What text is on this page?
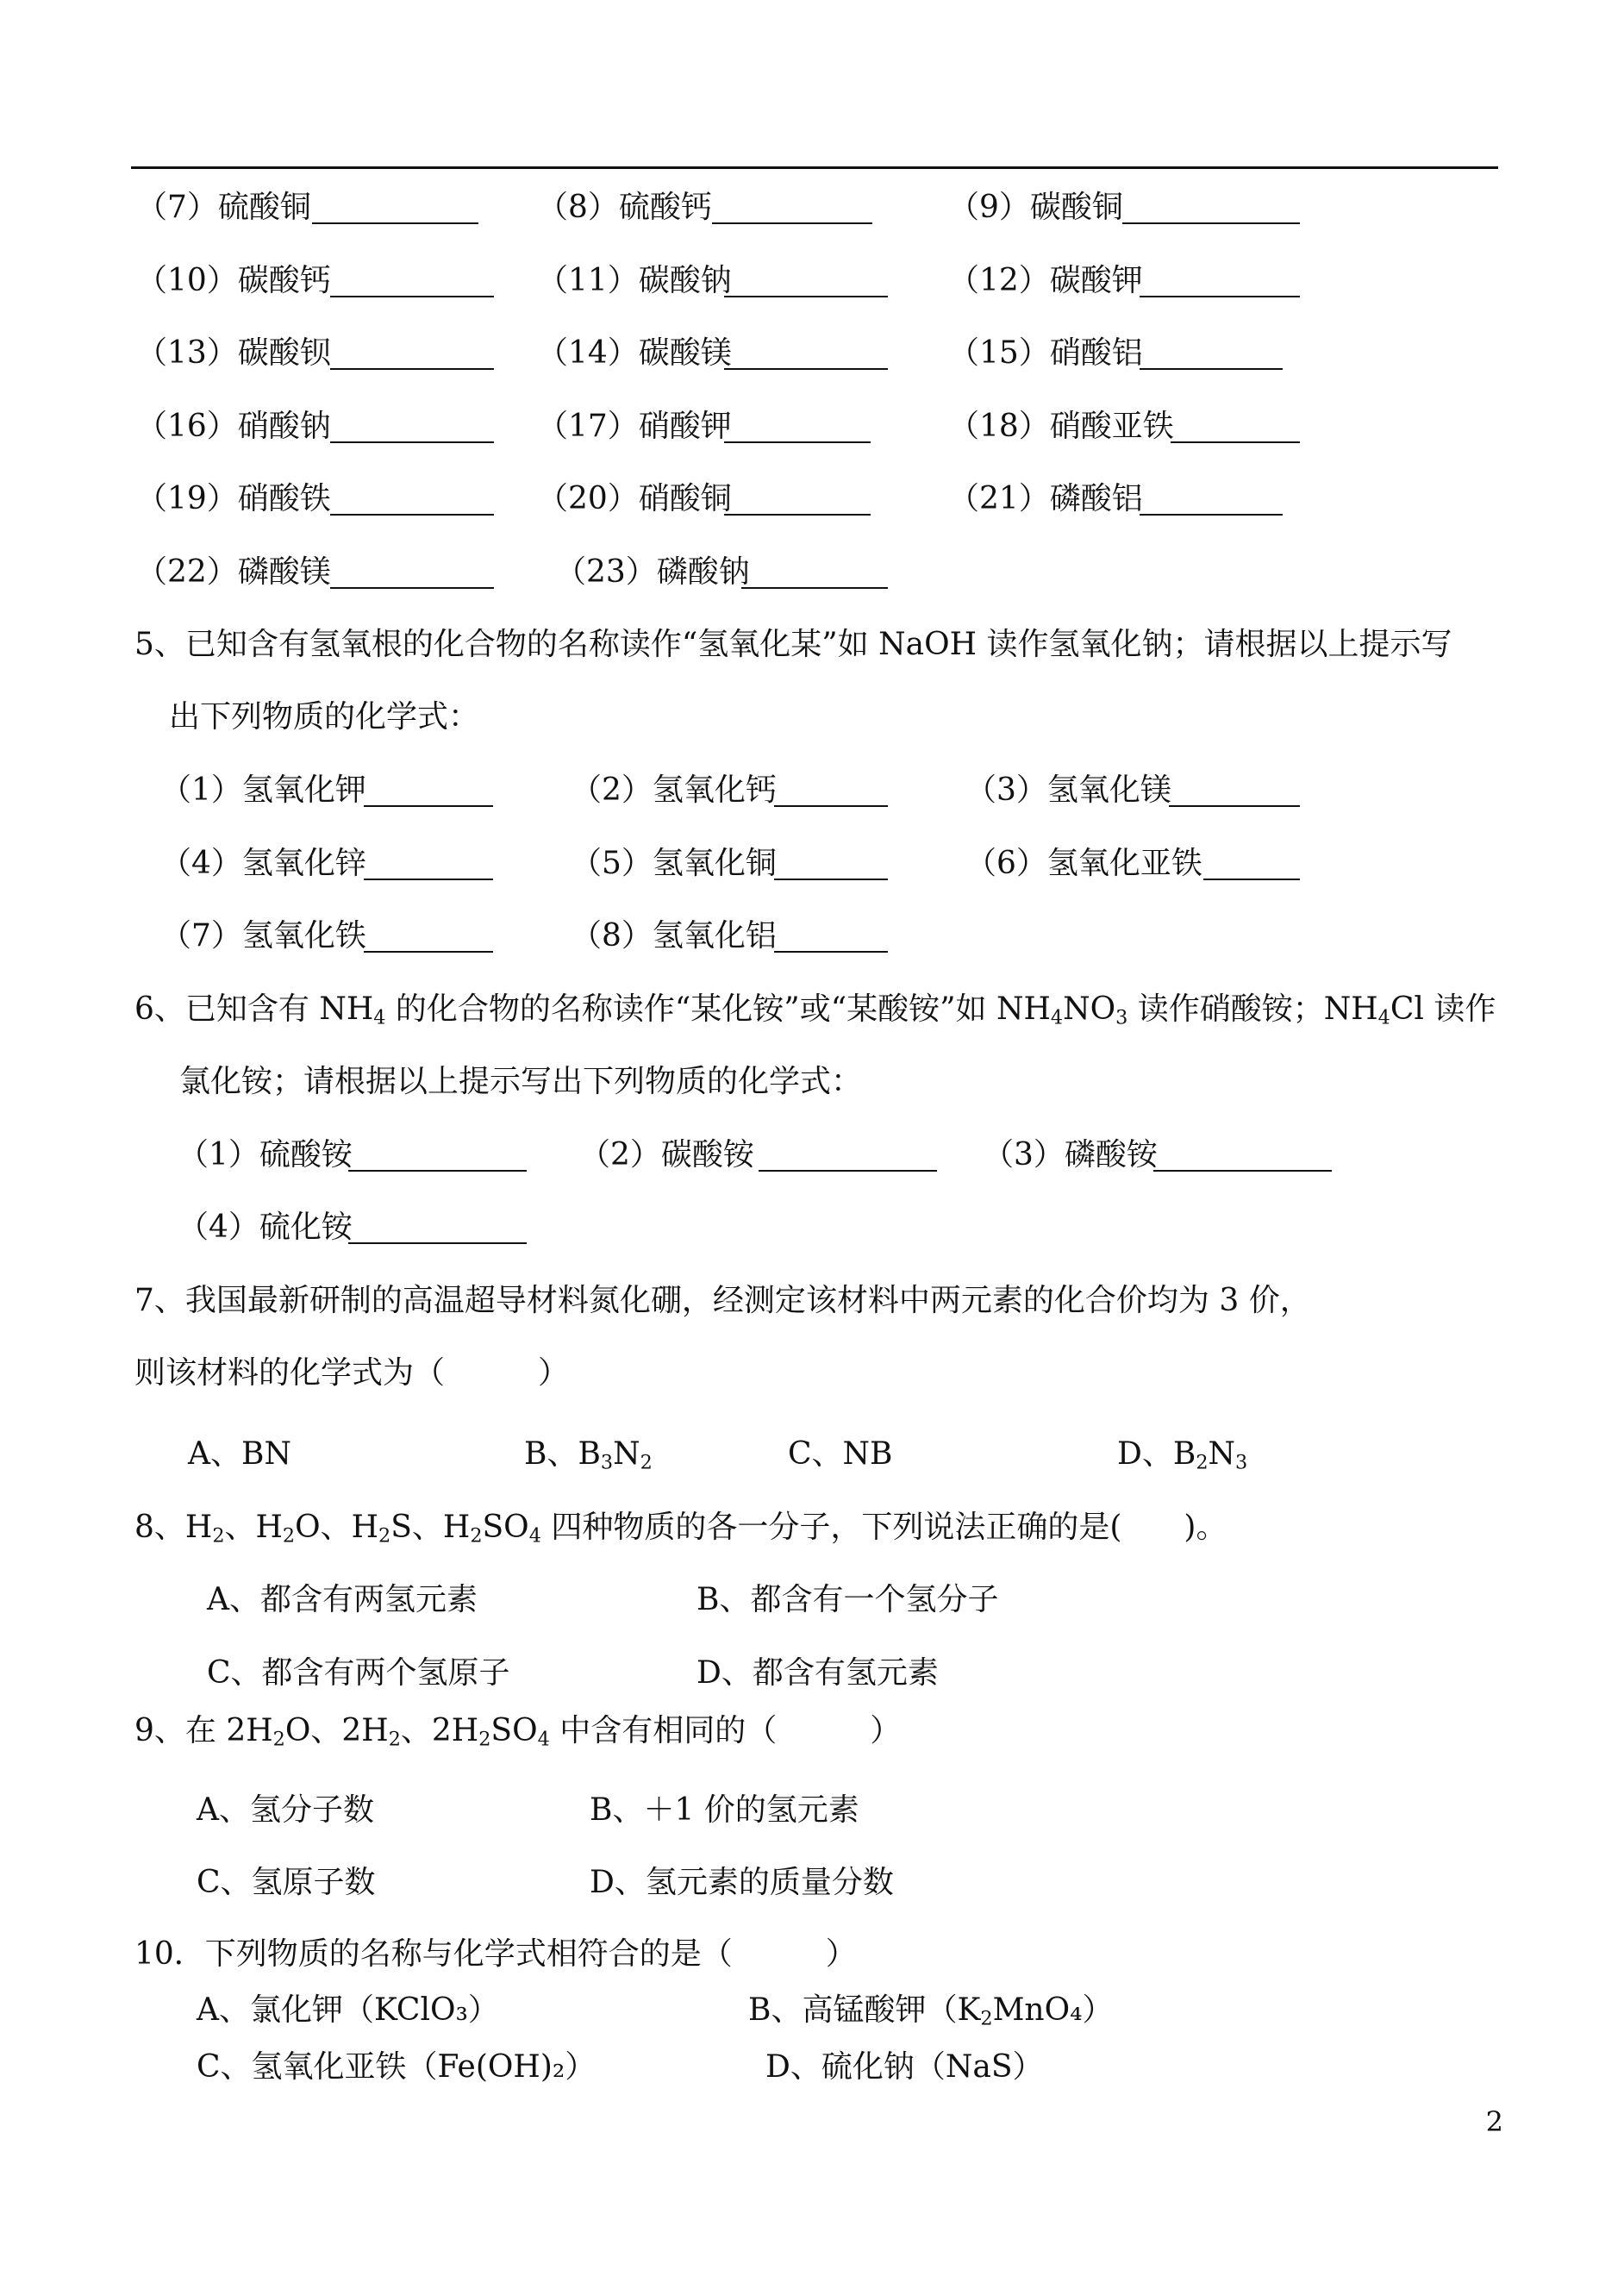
（7）硫酸铜	（8）硫酸钙	（9）碳酸铜
（10）碳酸钙	（11）碳酸钠	（12）碳酸钾
（13）碳酸钡	（14）碳酸镁	（15）硝酸铝
（16）硝酸钠	（17）硝酸钾	（18）硝酸亚铁
（19）硝酸铁	（20）硝酸铜	（21）磷酸铝
（22）磷酸镁	（23）磷酸钠
5、已知含有氢氧根的化合物的名称读作“氢氧化某”如 NaOH 读作氢氧化钠；请根据以上提示写
出下列物质的化学式：
（1）氢氧化钾	（2）氢氧化钙	（3）氢氧化镁
（4）氢氧化锌	（5）氢氧化铜	（6）氢氧化亚铁
（7）氢氧化铁	（8）氢氧化铝
6、已知含有 $NH_4$ 的化合物的名称读作“某化铵”或“某酸铵”如 $NH_4NO_3$ 读作硝酸铵；$NH_4Cl$ 读作
氯化铵；请根据以上提示写出下列物质的化学式：
（1）硫酸铵	（2）碳酸铵	（3）磷酸铵
（4）硫化铵
7、我国最新研制的高温超导材料氮化硼，经测定该材料中两元素的化合价均为 3 价，
则该材料的化学式为（　　　）
A、BN	B、$B_3N_2$	C、NB	D、$B_2N_3$
8、$H_2$、$H_2O$、$H_2S$、$H_2SO_4$ 四种物质的各一分子，下列说法正确的是(　　)。
A、都含有两氢元素	B、都含有一个氢分子
C、都含有两个氢原子	D、都含有氢元素
9、在 $2H_2O$、$2H_2$、$2H_2SO_4$ 中含有相同的（　　　）
A、氢分子数	B、＋1 价的氢元素
C、氢原子数	D、氢元素的质量分数
10．下列物质的名称与化学式相符合的是（　　　）
A、氯化钾（KClO₃）	B、高锰酸钾$(K_2MnO_4)$
C、氢氧化亚铁（Fe(OH)₂）	D、硫化钠（NaS）
2
